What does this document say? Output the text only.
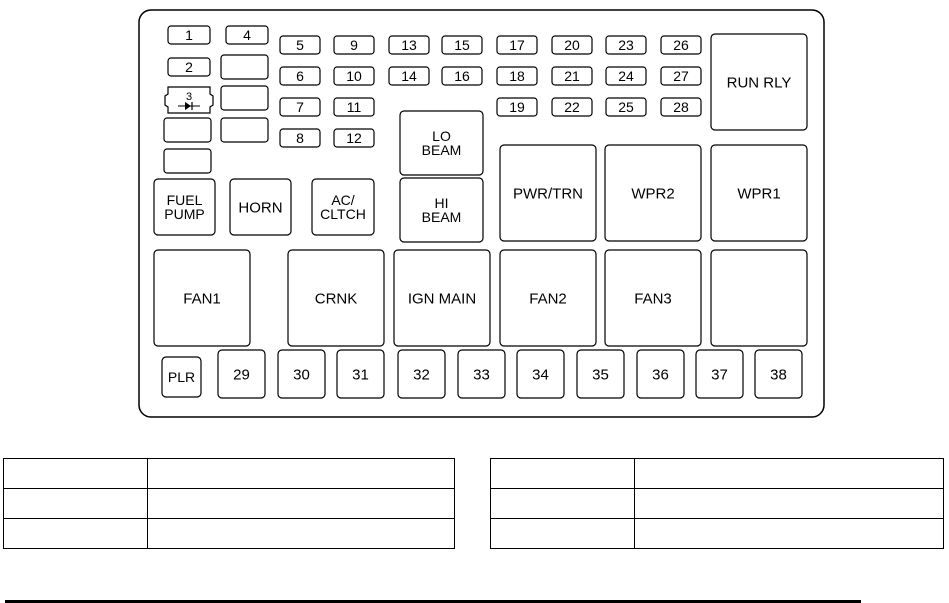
1	4
2
5	9	13	15	17	20	23	26
6	10	14	16	18	21	24	27
7	11	19	22	25	28
8	12
3
LO BEAM
HI BEAM
FUEL PUMP HORN	AC/ CLTCH
PWR/TRN	WPR2	WPR1
RUN RLY
FAN1	CRNK	IGN MAIN	FAN2	FAN3
PLR	29	30	31	32	33	34	35	36	37	38
